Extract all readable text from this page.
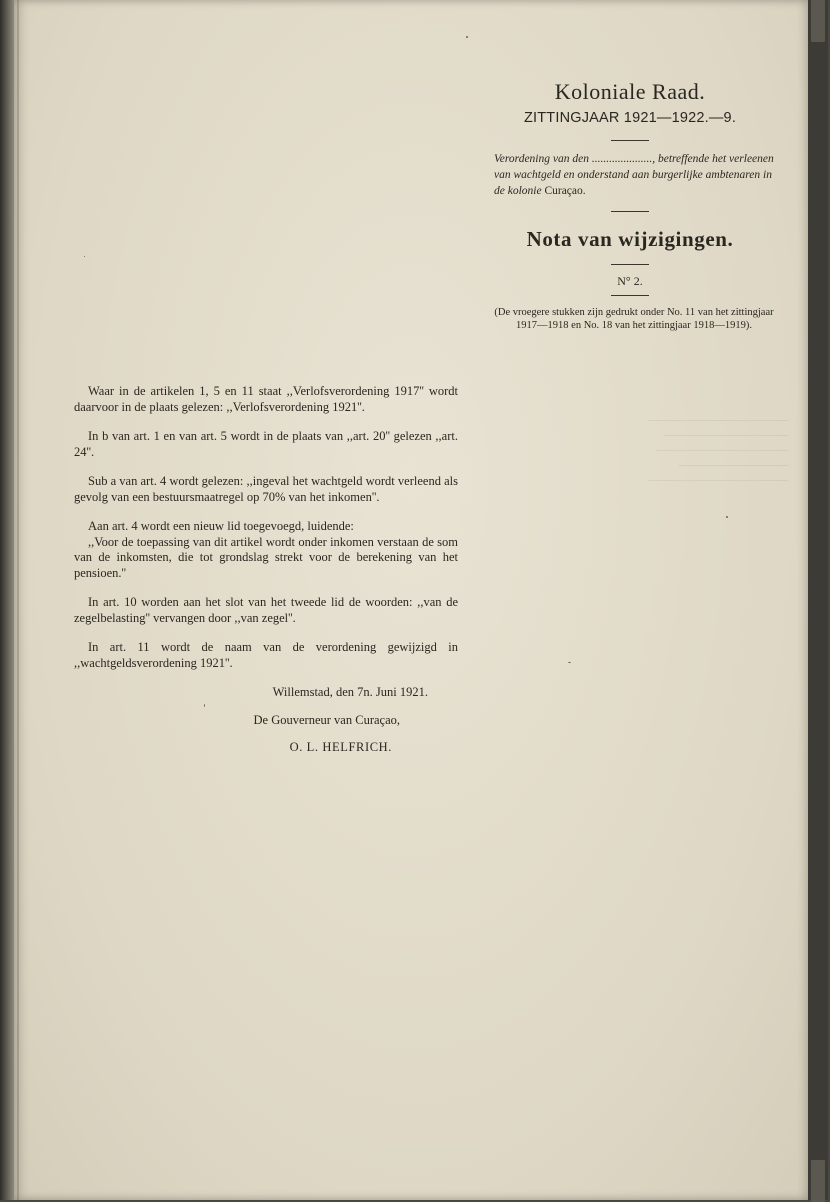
──────────────────
────────────────
─────────────────
──────────────
──────────────────
Koloniale Raad.
ZITTINGJAAR 1921—1922.—9.
Verordening van den ....................., betreffende het verleenen van wachtgeld en onderstand aan burgerlijke ambtenaren in de kolonie Curaçao.
Nota van wijzigingen.
N° 2.
(De vroegere stukken zijn gedrukt onder No. 11 van het zittingjaar 1917—1918 en No. 18 van het zittingjaar 1918—1919).

Waar in de artikelen 1, 5 en 11 staat ,,Verlofsverordening 1917'' wordt daarvoor in de plaats gelezen: ,,Verlofsverordening 1921''.

In b van art. 1 en van art. 5 wordt in de plaats van ,,art. 20'' gelezen ,,art. 24''.

Sub a van art. 4 wordt gelezen: ,,ingeval het wachtgeld wordt verleend als gevolg van een bestuursmaatregel op 70% van het inkomen''.

Aan art. 4 wordt een nieuw lid toegevoegd, luidende:

,,Voor de toepassing van dit artikel wordt onder inkomen verstaan de som van de inkomsten, die tot grondslag strekt voor de berekening van het pensioen.''

In art. 10 worden aan het slot van het tweede lid de woorden: ,,van de zegelbelasting'' vervangen door ,,van zegel''.

In art. 11 wordt de naam van de verordening gewijzigd in ,,wachtgeldsverordening 1921''.

Willemstad, den 7n. Juni 1921.
De Gouverneur van Curaçao,
O. L. HELFRICH.
